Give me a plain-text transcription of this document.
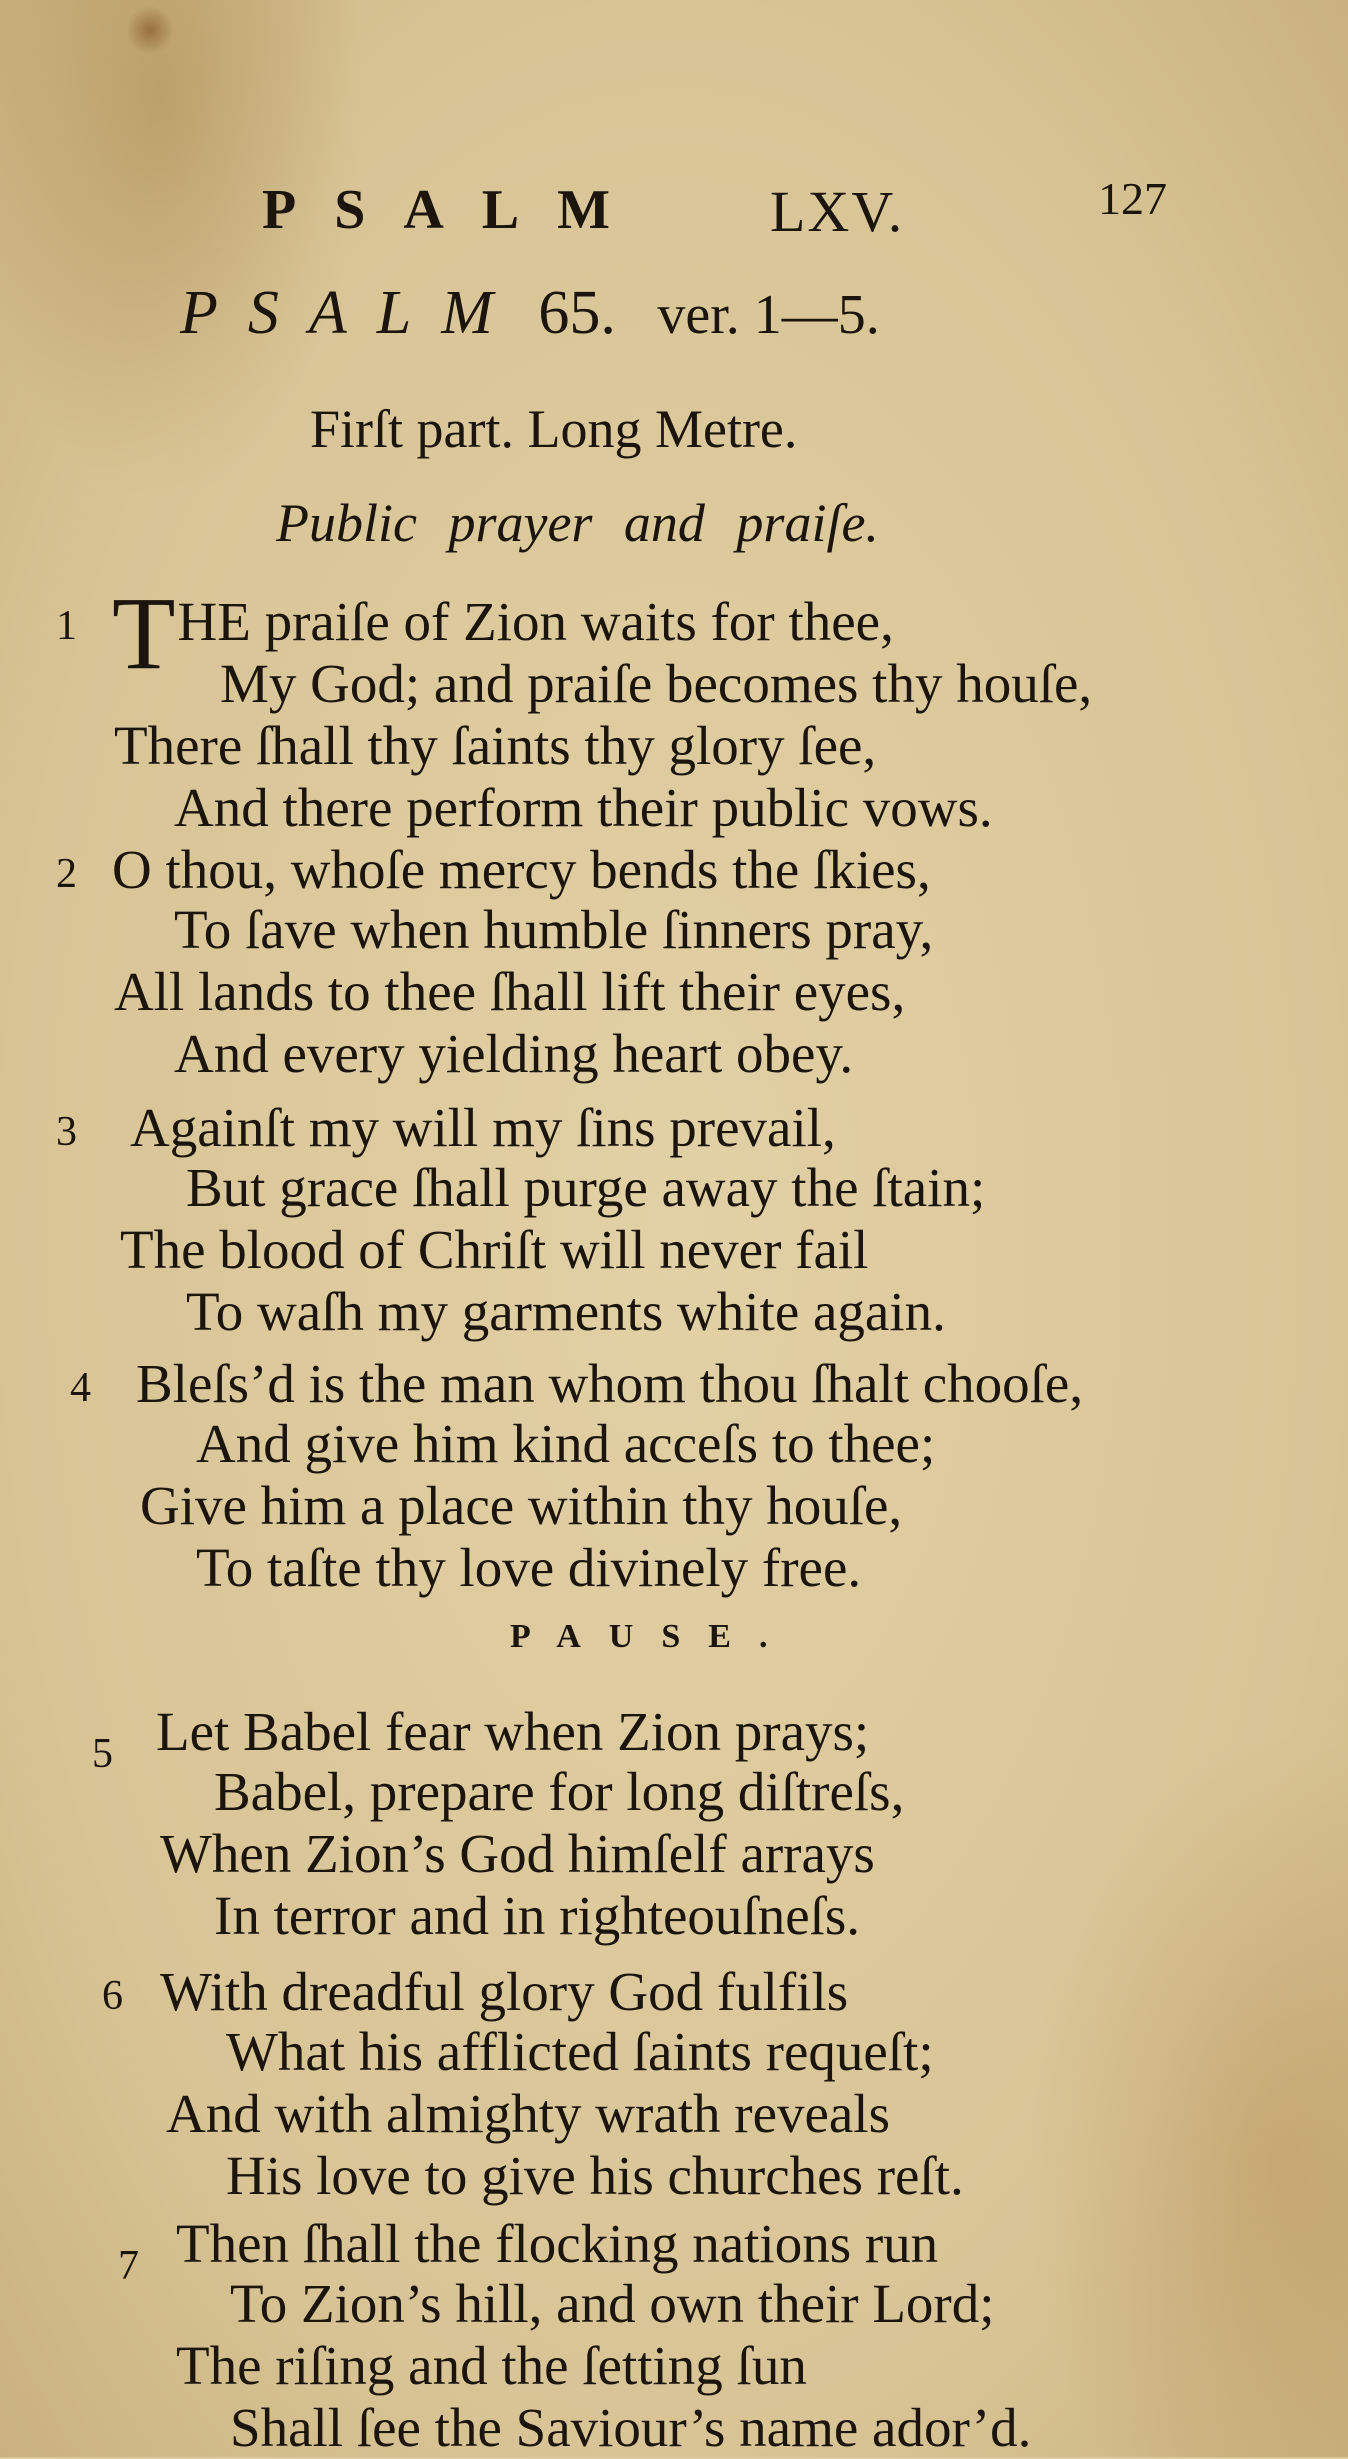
PSALM LXV.	127
PSALM 65. ver. 1—5.
Firſt part. Long Metre.
Public prayer and praiſe.
1 THE praiſe of Zion waits for thee,
My God; and praiſe becomes thy houſe,
There ſhall thy ſaints thy glory ſee,
And there perform their public vows.
2 O thou, whoſe mercy bends the ſkies,
To ſave when humble ſinners pray,
All lands to thee ſhall lift their eyes,
And every yielding heart obey.
3 Againſt my will my ſins prevail,
But grace ſhall purge away the ſtain;
The blood of Chriſt will never fail
To waſh my garments white again.
4 Bleſs’d is the man whom thou ſhalt chooſe,
And give him kind acceſs to thee;
Give him a place within thy houſe,
To taſte thy love divinely free.
PAUSE.
5 Let Babel fear when Zion prays;
Babel, prepare for long diſtreſs,
When Zion’s God himſelf arrays
In terror and in righteouſneſs.
6 With dreadful glory God fulfils
What his afflicted ſaints requeſt;
And with almighty wrath reveals
His love to give his churches reſt.
7 Then ſhall the flocking nations run
To Zion’s hill, and own their Lord;
The riſing and the ſetting ſun
Shall ſee the Saviour’s name ador’d.
